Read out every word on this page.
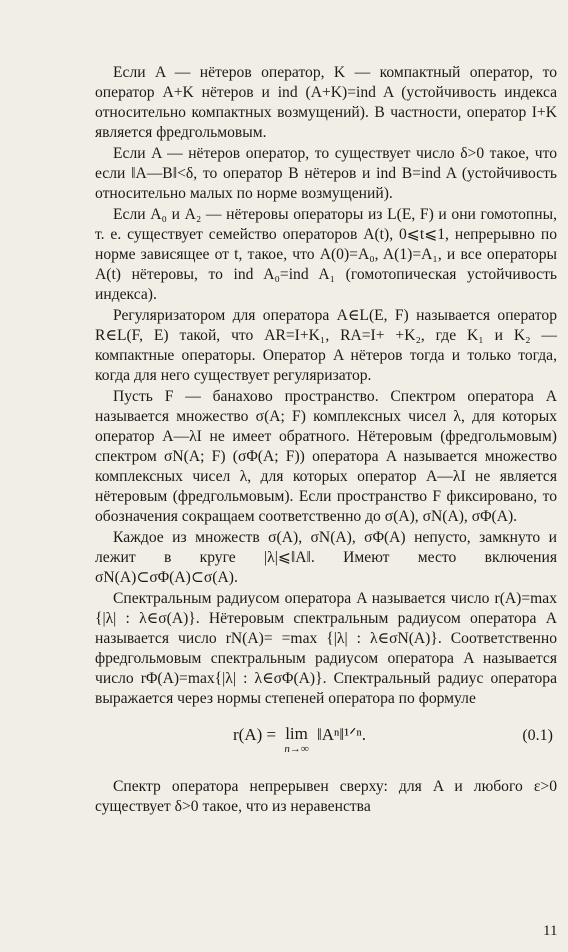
Если A — нётеров оператор, K — компактный оператор, то оператор A+K нётеров и ind (A+K)=ind A (устойчивость индекса относительно компактных возмущений). В частности, оператор I+K является фредгольмовым.

Если A — нётеров оператор, то существует число δ>0 такое, что если ‖A—B‖<δ, то оператор B нётеров и ind B=ind A (устойчивость относительно малых по норме возмущений).

Если A₀ и A₂ — нётеровы операторы из L(E, F) и они гомотопны, т. е. существует семейство операторов A(t), 0⩽t⩽1, непрерывно по норме зависящее от t, такое, что A(0)=A₀, A(1)=A₁, и все операторы A(t) нётеровы, то ind A₀=ind A₁ (гомотопическая устойчивость индекса).

Регуляризатором для оператора A∈L(E, F) называется оператор R∈L(F, E) такой, что AR=I+K₁, RA=I+ +K₂, где K₁ и K₂ — компактные операторы. Оператор A нётеров тогда и только тогда, когда для него существует регуляризатор.

Пусть F — банахово пространство. Спектром оператора A называется множество σ(A; F) комплексных чисел λ, для которых оператор A—λI не имеет обратного. Нётеровым (фредгольмовым) спектром σN(A; F) (σΦ(A; F)) оператора A называется множество комплексных чисел λ, для которых оператор A—λI не является нётеровым (фредгольмовым). Если пространство F фиксировано, то обозначения сокращаем соответственно до σ(A), σN(A), σΦ(A).

Каждое из множеств σ(A), σN(A), σΦ(A) непусто, замкнуто и лежит в круге |λ|⩽‖A‖. Имеют место включения σN(A)⊂σΦ(A)⊂σ(A).

Спектральным радиусом оператора A называется число r(A)=max {|λ| : λ∈σ(A)}. Нётеровым спектральным радиусом оператора A называется число rN(A)= =max {|λ| : λ∈σN(A)}. Соответственно фредгольмовым спектральным радиусом оператора A называется число rΦ(A)=max{|λ| : λ∈σΦ(A)}. Спектральный радиус оператора выражается через нормы степеней оператора по формуле

r(A) = lim
n→∞
‖Aⁿ‖¹ᐟⁿ.	(0.1)

Спектр оператора непрерывен сверху: для A и любого ε>0 существует δ>0 такое, что из неравенства

11
